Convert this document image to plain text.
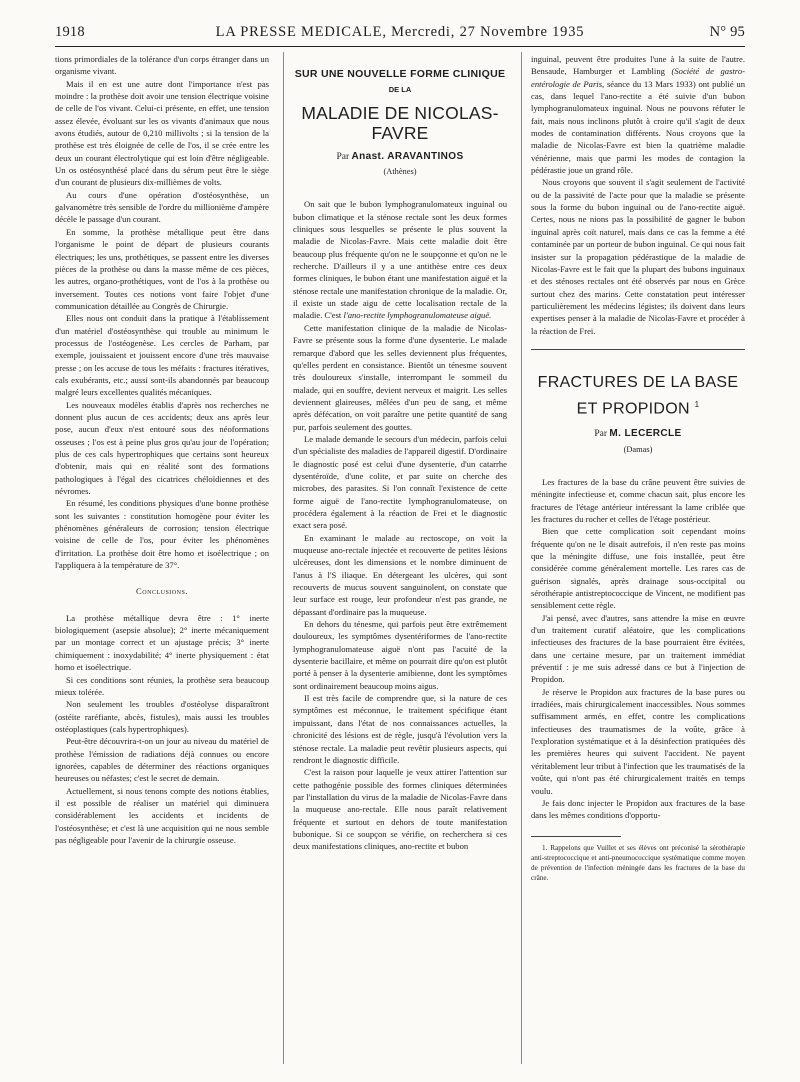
1918	LA PRESSE MEDICALE, Mercredi, 27 Novembre 1935	N° 95

tions primordiales de la tolérance d'un corps étranger dans un organisme vivant.

Mais il en est une autre dont l'importance n'est pas moindre : la prothèse doit avoir une tension électrique voisine de celle de l'os vivant. Celui-ci présente, en effet, une tension assez élevée, évoluant sur les os vivants d'animaux que nous avons étudiés, autour de 0,210 millivolts ; si la tension de la prothèse est très éloignée de celle de l'os, il se crée entre les deux un courant électrolytique qui est loin d'être négligeable. Un os ostéosynthésé placé dans du sérum peut être le siège d'un courant de plusieurs dix-millièmes de volts.

Au cours d'une opération d'ostéosynthèse, un galvanomètre très sensible de l'ordre du millionième d'ampère décèle le passage d'un courant.

En somme, la prothèse métallique peut être dans l'organisme le point de départ de plusieurs courants électriques; les uns, prothétiques, se passent entre les diverses pièces de la prothèse ou dans la masse même de ces pièces, les autres, organo-prothétiques, vont de l'os à la prothèse ou inversement. Toutes ces notions vont faire l'objet d'une communication détaillée au Congrès de Chirurgie.

Elles nous ont conduit dans la pratique à l'établissement d'un matériel d'ostéosynthèse qui trouble au minimum le processus de l'ostéogenèse. Les cercles de Parham, par exemple, jouissaient et jouissent encore d'une très mauvaise presse ; on les accuse de tous les méfaits : fractures itératives, cals exubérants, etc.; aussi sont-ils abandonnés par beaucoup malgré leurs excellentes qualités mécaniques.

Les nouveaux modèles établis d'après nos recherches ne donnent plus aucun de ces accidents; deux ans après leur pose, aucun d'eux n'est entouré sous des néoformations osseuses ; l'os est à peine plus gros qu'au jour de l'opération; plus de ces cals hypertrophiques que certains sont heureux d'obtenir, mais qui en réalité sont des formations pathologiques à l'égal des cicatrices chéloïdiennes et des névromes.

En résumé, les conditions physiques d'une bonne prothèse sont les suivantes : constitution homogène pour éviter les phénomènes généraleurs de corrosion; tension électrique voisine de celle de l'os, pour éviter les phénomènes d'irritation. La prothèse doit être homo et isoélectrique ; on l'appliquera à la température de 37°.

Conclusions.

La prothèse métallique devra être : 1° inerte biologiquement (asepsie absolue); 2° inerte mécaniquement par un montage correct et un ajustage précis; 3° inerte chimiquement : inoxydabilité; 4° inerte physiquement : état homo et isoélectrique.

Si ces conditions sont réunies, la prothèse sera beaucoup mieux tolérée.

Non seulement les troubles d'ostéolyse disparaîtront (ostéite raréfiante, abcès, fistules), mais aussi les troubles ostéoplastiques (cals hypertrophiques).

Peut-être découvrira-t-on un jour au niveau du matériel de prothèse l'émission de radiations déjà connues ou encore ignorées, capables de déterminer des réactions organiques heureuses ou néfastes; c'est le secret de demain.

Actuellement, si nous tenons compte des notions établies, il est possible de réaliser un matériel qui diminuera considérablement les accidents et incidents de l'ostéosynthèse; et c'est là une acquisition qui ne nous semble pas négligeable pour l'avenir de la chirurgie osseuse.

SUR UNE NOUVELLE FORME CLINIQUE
DE LA
MALADIE DE NICOLAS-FAVRE
Par Anast. ARAVANTINOS
(Athènes)

On sait que le bubon lymphogranulomateux inguinal ou bubon climatique et la sténose rectale sont les deux formes cliniques sous lesquelles se présente le plus souvent la maladie de Nicolas-Favre. Mais cette maladie doit être beaucoup plus fréquente qu'on ne le soupçonne et qu'on ne le recherche. D'ailleurs il y a une antithèse entre ces deux formes cliniques, le bubon étant une manifestation aiguë et la sténose rectale une manifestation chronique de la maladie. Or, il existe un stade aigu de cette localisation rectale de la maladie. C'est l'ano-rectite lymphogranulomateuse aiguë.

Cette manifestation clinique de la maladie de Nicolas-Favre se présente sous la forme d'une dysenterie. Le malade remarque d'abord que les selles deviennent plus fréquentes, qu'elles perdent en consistance. Bientôt un ténesme souvent très douloureux s'installe, interrompant le sommeil du malade, qui en souffre, devient nerveux et maigrit. Les selles deviennent glaireuses, mêlées d'un peu de sang, et même après défécation, on voit paraître une petite quantité de sang pur, parfois seulement des gouttes.

Le malade demande le secours d'un médecin, parfois celui d'un spécialiste des maladies de l'appareil digestif. D'ordinaire le diagnostic posé est celui d'une dysenterie, d'un catarrhe dysentéroïde, d'une colite, et par suite on cherche des microbes, des parasites. Si l'on connaît l'existence de cette forme aiguë de l'ano-rectite lymphogranulomateuse, on procédera également à la réaction de Frei et le diagnostic exact sera posé.

En examinant le malade au rectoscope, on voit la muqueuse ano-rectale injectée et recouverte de petites lésions ulcéreuses, dont les dimensions et le nombre diminuent de l'anus à l'S iliaque. En détergeant les ulcères, qui sont recouverts de mucus souvent sanguinolent, on constate que leur surface est rouge, leur profondeur n'est pas grande, ne dépassant d'ordinaire pas la muqueuse.

En dehors du ténesme, qui parfois peut être extrêmement douloureux, les symptômes dysentériformes de l'ano-rectite lymphogranulomateuse aiguë n'ont pas l'acuité de la dysenterie bacillaire, et même on pourrait dire qu'on est plutôt porté à penser à la dysenterie amibienne, dont les symptômes sont ordinairement beaucoup moins aigus.

Il est très facile de comprendre que, si la nature de ces symptômes est méconnue, le traitement spécifique étant impuissant, dans l'état de nos connaissances actuelles, la chronicité des lésions est de règle, jusqu'à l'évolution vers la sténose rectale. La maladie peut revêtir plusieurs aspects, qui rendront le diagnostic difficile.

C'est la raison pour laquelle je veux attirer l'attention sur cette pathogénie possible des formes cliniques déterminées par l'installation du virus de la maladie de Nicolas-Favre dans la muqueuse ano-rectale. Elle nous paraît relativement fréquente et surtout en dehors de toute manifestation bubonique. Si ce soupçon se vérifie, on recherchera si ces deux manifestations cliniques, ano-rectite et bubon

inguinal, peuvent être produites l'une à la suite de l'autre. Bensaude, Hamburger et Lambling (Société de gastro-entérologie de Paris, séance du 13 Mars 1933) ont publié un cas, dans lequel l'ano-rectite a été suivie d'un bubon lymphogranulomateux inguinal. Nous ne pouvons réfuter le fait, mais nous inclinons plutôt à croire qu'il s'agit de deux modes de contamination différents. Nous croyons que la maladie de Nicolas-Favre est bien la quatrième maladie vénérienne, mais que parmi les modes de contagion la pédérastie joue un grand rôle.

Nous croyons que souvent il s'agit seulement de l'activité ou de la passivité de l'acte pour que la maladie se présente sous la forme du bubon inguinal ou de l'ano-rectite aiguë. Certes, nous ne nions pas la possibilité de gagner le bubon inguinal après coït naturel, mais dans ce cas la femme a été contaminée par un porteur de bubon inguinal. Ce qui nous fait insister sur la propagation pédérastique de la maladie de Nicolas-Favre est le fait que la plupart des bubons inguinaux et des sténoses rectales ont été observés par nous en Grèce surtout chez des marins. Cette constatation peut intéresser particulièrement les médecins légistes; ils doivent dans leurs expertises penser à la maladie de Nicolas-Favre et procéder à la réaction de Frei.

FRACTURES DE LA BASE
ET PROPIDON $^1$
Par M. LECERCLE
(Damas)

Les fractures de la base du crâne peuvent être suivies de méningite infectieuse et, comme chacun sait, plus encore les fractures de l'étage antérieur intéressant la lame criblée que les fractures du rocher et celles de l'étage postérieur.

Bien que cette complication soit cependant moins fréquente qu'on ne le disait autrefois, il n'en reste pas moins que la méningite diffuse, une fois installée, peut être considérée comme généralement mortelle. Les rares cas de guérison signalés, après drainage sous-occipital ou sérothérapie antistreptococcique de Vincent, ne modifient pas sensiblement cette règle.

J'ai pensé, avec d'autres, sans attendre la mise en œuvre d'un traitement curatif aléatoire, que les complications infectieuses des fractures de la base pourraient être évitées, dans une certaine mesure, par un traitement immédiat préventif : je me suis adressé dans ce but à l'injection de Propidon.

Je réserve le Propidon aux fractures de la base pures ou irradiées, mais chirurgicalement inaccessibles. Nous sommes suffisamment armés, en effet, contre les complications infectieuses des traumatismes de la voûte, grâce à l'exploration systématique et à la désinfection pratiquées dès les premières heures qui suivent l'accident. Ne payent véritablement leur tribut à l'infection que les traumatisés de la voûte, qui n'ont pas été chirurgicalement traités en temps voulu.

Je fais donc injecter le Propidon aux fractures de la base dans les mêmes conditions d'opportu-

1. Rappelons que Vuillet et ses élèves ont préconisé la sérothérapie anti-streptococcique et anti-pneumococcique systématique comme moyen de prévention de l'infection méningée dans les fractures de la base du crâne.
